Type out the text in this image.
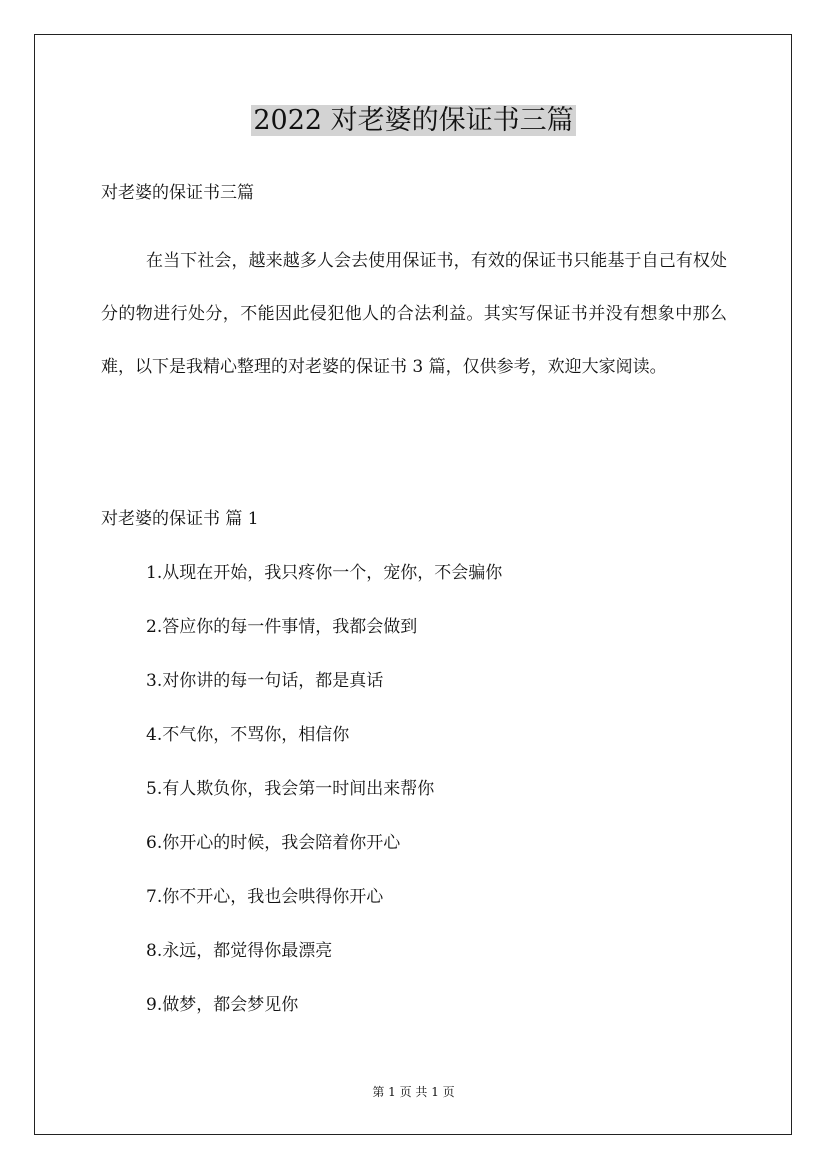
2022 对老婆的保证书三篇
对老婆的保证书三篇
在当下社会，越来越多人会去使用保证书，有效的保证书只能基于自己有权处分的物进行处分，不能因此侵犯他人的合法利益。其实写保证书并没有想象中那么难，以下是我精心整理的对老婆的保证书 3 篇，仅供参考，欢迎大家阅读。
对老婆的保证书 篇 1
1.从现在开始，我只疼你一个，宠你，不会骗你
2.答应你的每一件事情，我都会做到
3.对你讲的每一句话，都是真话
4.不气你，不骂你，相信你
5.有人欺负你，我会第一时间出来帮你
6.你开心的时候，我会陪着你开心
7.你不开心，我也会哄得你开心
8.永远，都觉得你最漂亮
9.做梦，都会梦见你
第 1 页 共 1 页
